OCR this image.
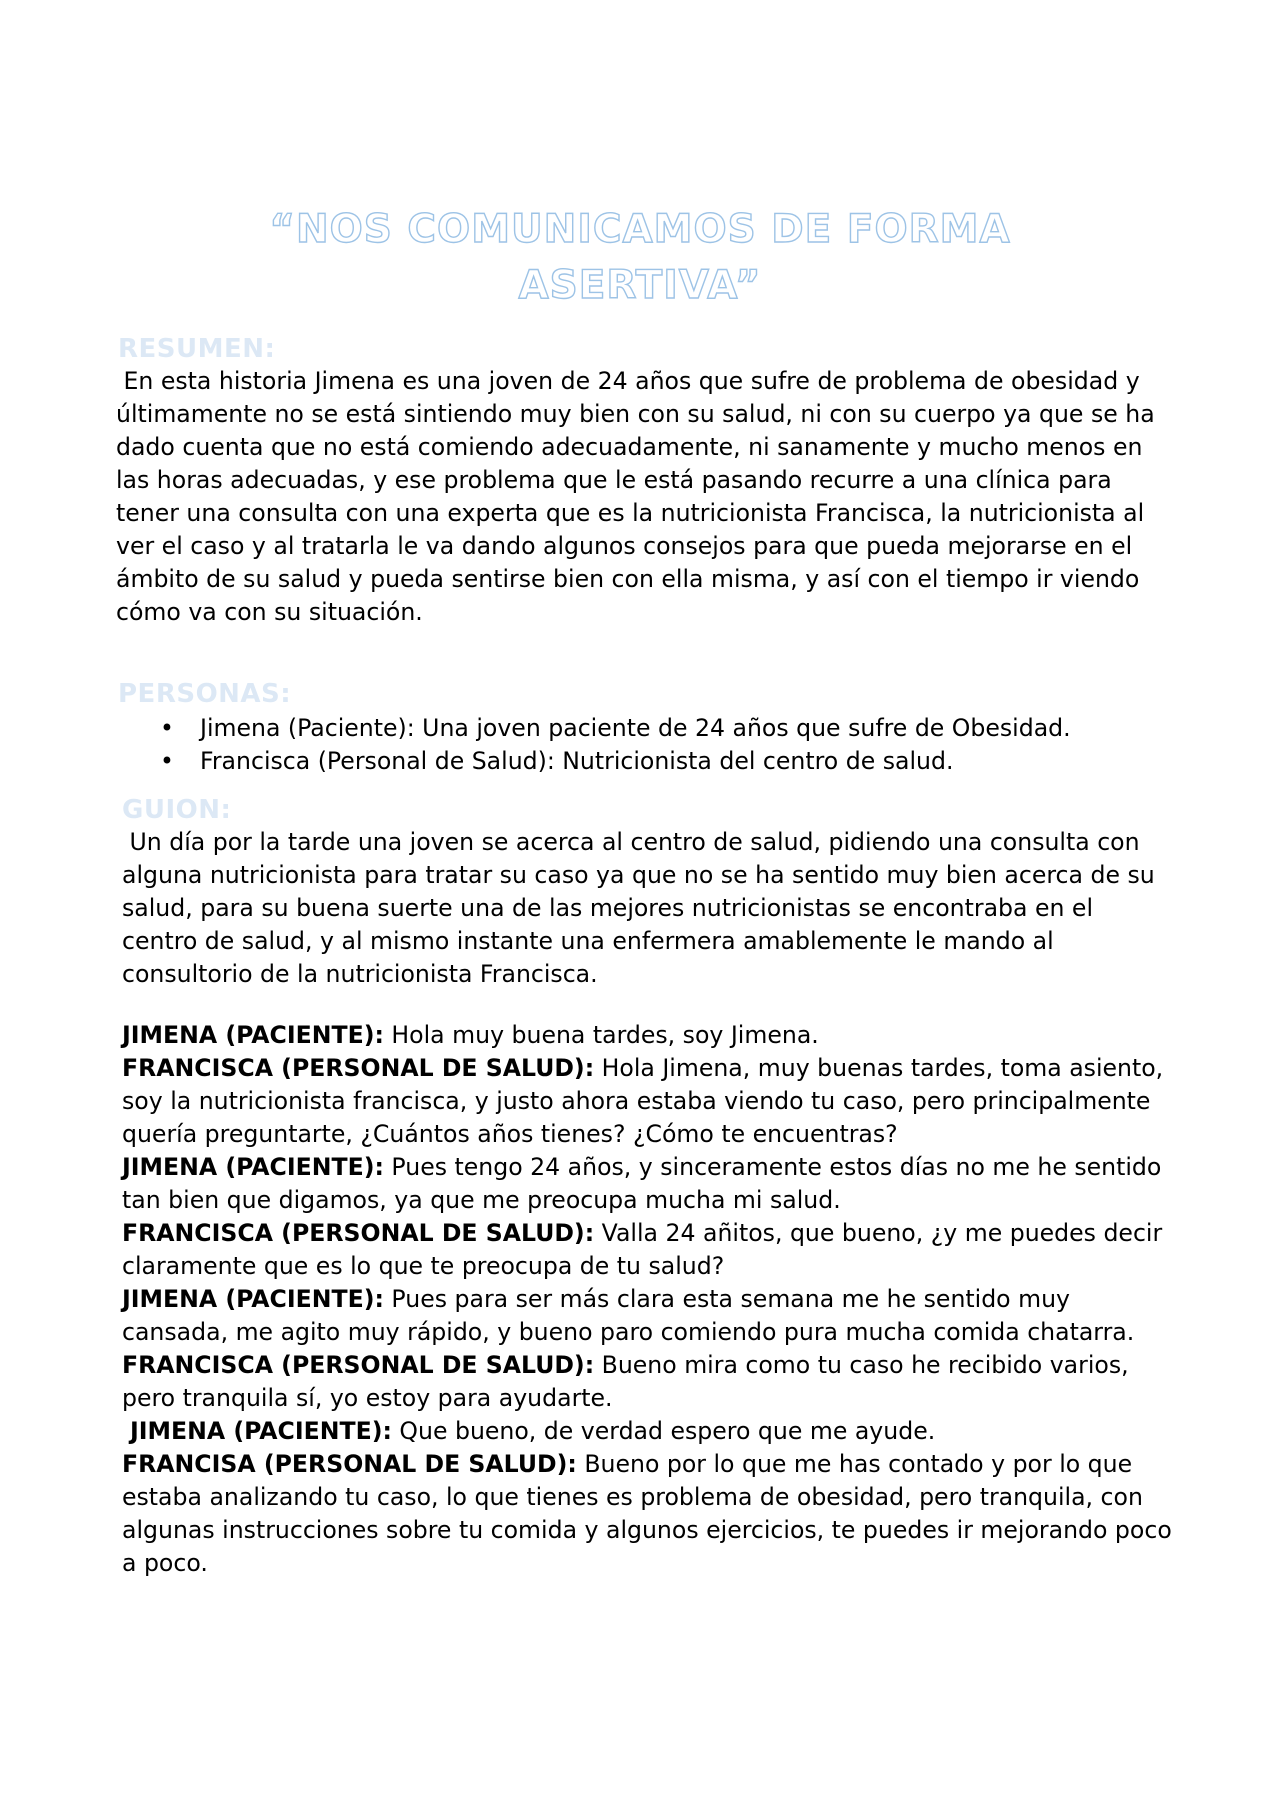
“NOS COMUNICAMOS DE FORMA ASERTIVA”
RESUMEN:

En esta historia Jimena es una joven de 24 años que sufre de problema de obesidad y últimamente no se está sintiendo muy bien con su salud, ni con su cuerpo ya que se ha dado cuenta que no está comiendo adecuadamente, ni sanamente y mucho menos en las horas adecuadas, y ese problema que le está pasando recurre a una clínica para tener una consulta con una experta que es la nutricionista Francisca, la nutricionista al ver el caso y al tratarla le va dando algunos consejos para que pueda mejorarse en el ámbito de su salud y pueda sentirse bien con ella misma, y así con el tiempo ir viendo cómo va con su situación.

PERSONAS:
• Jimena (Paciente): Una joven paciente de 24 años que sufre de Obesidad.
• Francisca (Personal de Salud): Nutricionista del centro de salud.
GUION:

Un día por la tarde una joven se acerca al centro de salud, pidiendo una consulta con alguna nutricionista para tratar su caso ya que no se ha sentido muy bien acerca de su salud, para su buena suerte una de las mejores nutricionistas se encontraba en el centro de salud, y al mismo instante una enfermera amablemente le mando al consultorio de la nutricionista Francisca.

JIMENA (PACIENTE): Hola muy buena tardes, soy Jimena.

FRANCISCA (PERSONAL DE SALUD): Hola Jimena, muy buenas tardes, toma asiento, soy la nutricionista francisca, y justo ahora estaba viendo tu caso, pero principalmente quería preguntarte, ¿Cuántos años tienes? ¿Cómo te encuentras?

JIMENA (PACIENTE): Pues tengo 24 años, y sinceramente estos días no me he sentido tan bien que digamos, ya que me preocupa mucha mi salud.

FRANCISCA (PERSONAL DE SALUD): Valla 24 añitos, que bueno, ¿y me puedes decir claramente que es lo que te preocupa de tu salud?

JIMENA (PACIENTE): Pues para ser más clara esta semana me he sentido muy cansada, me agito muy rápido, y bueno paro comiendo pura mucha comida chatarra.

FRANCISCA (PERSONAL DE SALUD): Bueno mira como tu caso he recibido varios, pero tranquila sí, yo estoy para ayudarte.

JIMENA (PACIENTE): Que bueno, de verdad espero que me ayude.

FRANCISA (PERSONAL DE SALUD): Bueno por lo que me has contado y por lo que estaba analizando tu caso, lo que tienes es problema de obesidad, pero tranquila, con algunas instrucciones sobre tu comida y algunos ejercicios, te puedes ir mejorando poco a poco.
